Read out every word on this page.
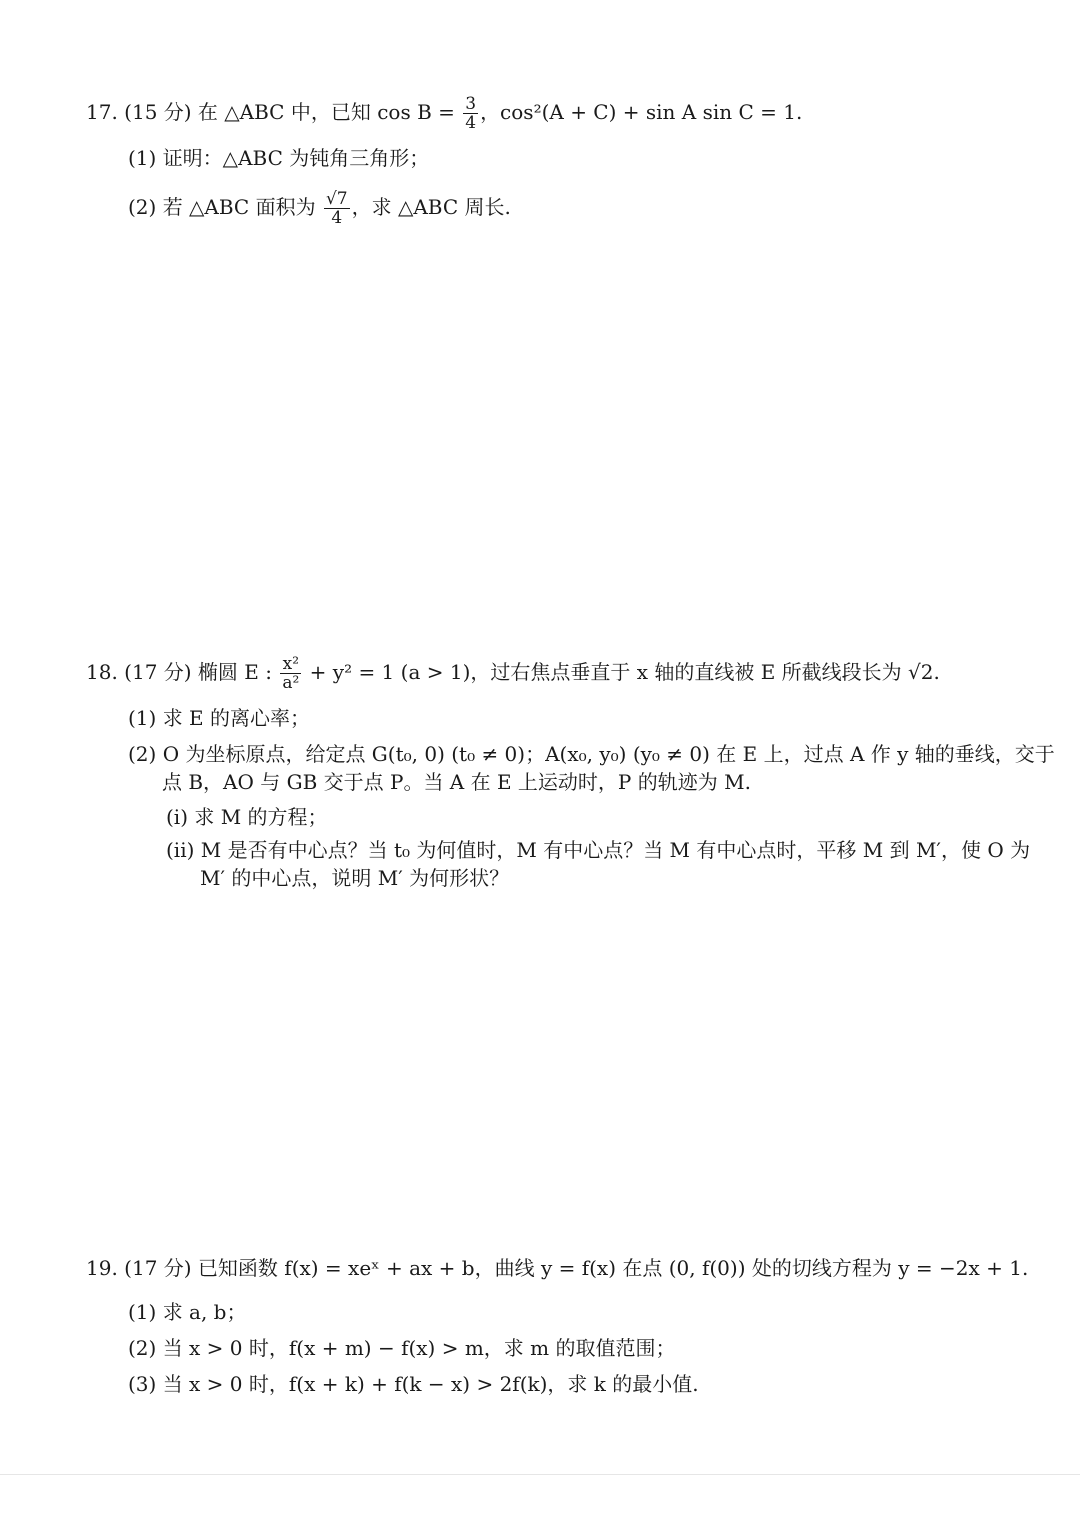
17. (15 分) 在 △ABC 中，已知 $\cos B = \frac{3}{4}$ ，cos²(A + C) + sin A sin C = 1.
(1) 证明：△ABC 为钝角三角形；
(2) 若 △ABC 面积为 $\frac{√7}{4}$ ，求 △ABC 周长.
18. (17 分) 椭圆 E : $\frac{\text{x²}}{\text{a²}} + y^2 = 1$ (a > 1)，过右焦点垂直于 x 轴的直线被 E 所截线段长为 √2.
(1) 求 E 的离心率；
(2) O 为坐标原点，给定点 G(t₀, 0) (t₀ ≠ 0)；A(x₀, y₀) (y₀ ≠ 0) 在 E 上，过点 A 作 y 轴的垂线，交于
点 B，AO 与 GB 交于点 P。当 A 在 E 上运动时，P 的轨迹为 M.
(i) 求 M 的方程；
(ii) M 是否有中心点？当 t₀ 为何值时，M 有中心点？当 M 有中心点时，平移 M 到 M′，使 O 为
M′ 的中心点，说明 M′ 为何形状？
19. (17 分) 已知函数 f(x) = xeˣ + ax + b，曲线 y = f(x) 在点 (0, f(0)) 处的切线方程为 y = −2x + 1.
(1) 求 a, b；
(2) 当 x > 0 时，f(x + m) − f(x) > m，求 m 的取值范围；
(3) 当 x > 0 时，f(x + k) + f(k − x) > 2f(k)，求 k 的最小值.
